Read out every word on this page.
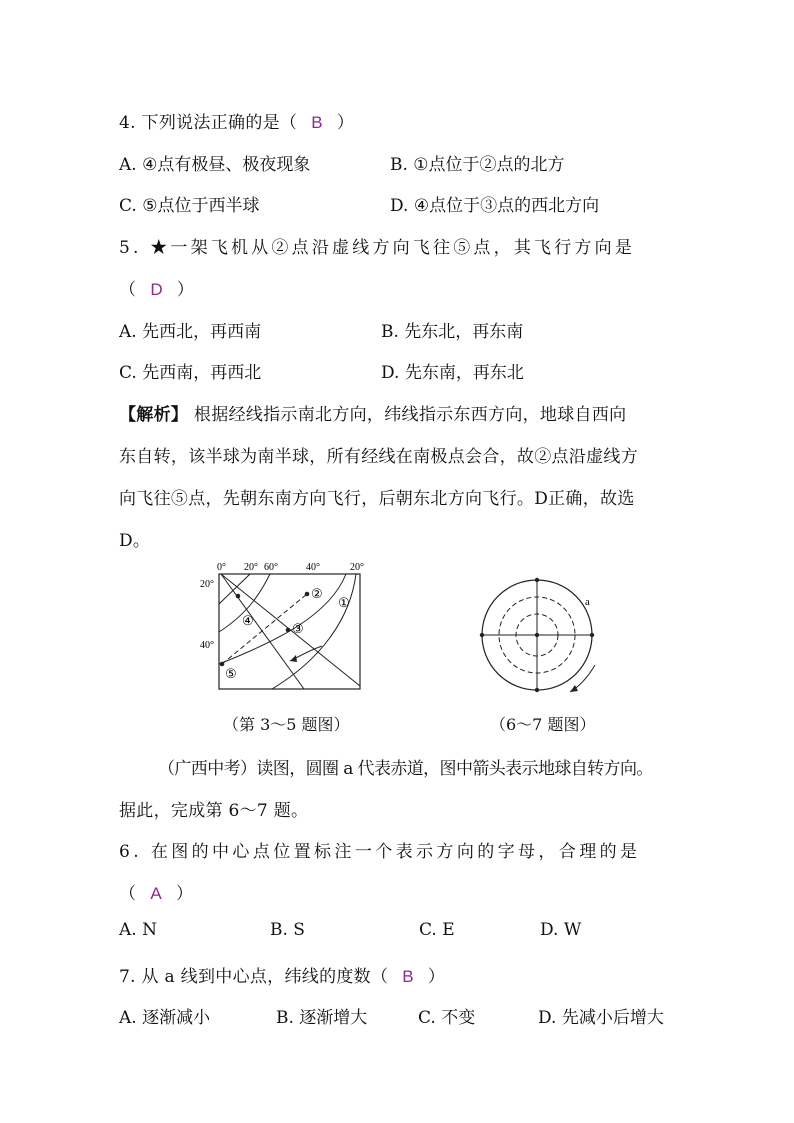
4. 下列说法正确的是（ B ）
A. ④点有极昼、极夜现象	B. ①点位于②点的北方
C. ⑤点位于西半球	D. ④点位于③点的西北方向
5. ★一架飞机从②点沿虚线方向飞往⑤点，其飞行方向是
（ D ）
A. 先西北，再西南	B. 先东北，再东南
C. 先西南，再西北	D. 先东南，再东北
【解析】 根据经线指示南北方向，纬线指示东西方向，地球自西向
东自转，该半球为南半球，所有经线在南极点会合，故②点沿虚线方
向飞往⑤点，先朝东南方向飞行，后朝东北方向飞行。D正确，故选
D。
0° 20° 60°	40°	20°
20°
40°
①
②
③
④
⑤
（第 3～5 题图）
a
（6～7 题图）
（广西中考）读图，圆圈 a 代表赤道，图中箭头表示地球自转方向。
据此，完成第 6～7 题。
6. 在图的中心点位置标注一个表示方向的字母，合理的是
（ A ）
A. N	B. S	C. E	D. W
7. 从 a 线到中心点，纬线的度数（ B ）
A. 逐渐减小	B. 逐渐增大	C. 不变	D. 先减小后增大
